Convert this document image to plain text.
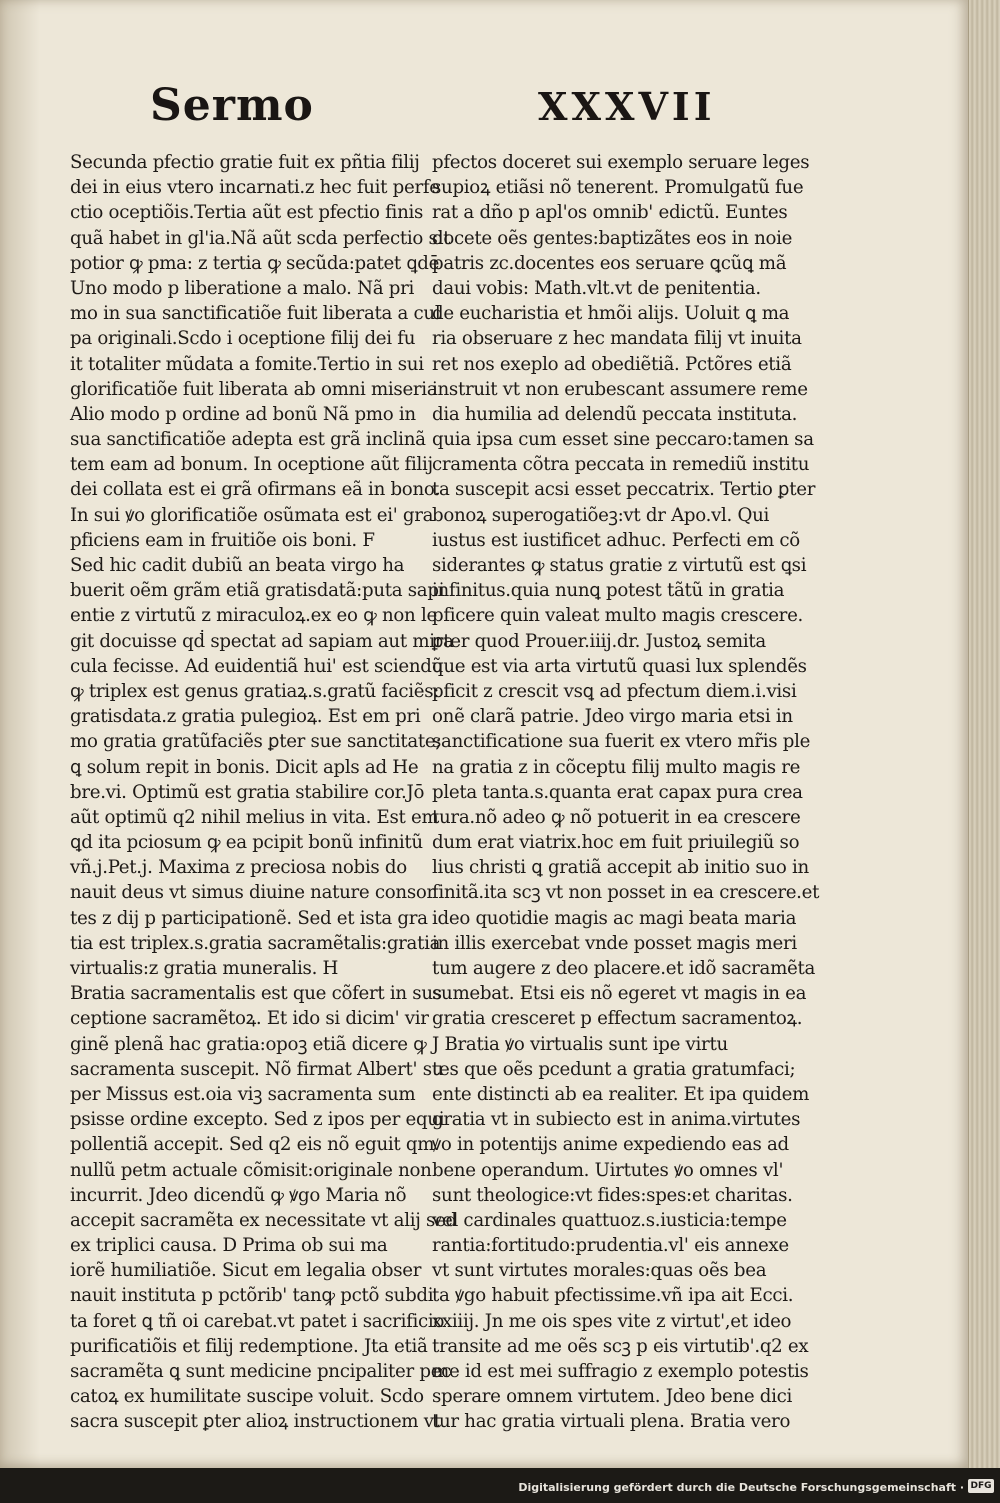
Sermo	XXXVII
Secunda pfectio gratie fuit ex pñtia filij
dei in eius vtero incarnati.z hec fuit perfe
ctio oceptiõis.Tertia aũt est pfectio finis
quã habet in gl'ia.Nã aũt scda perfectio sit
potior ꝙ pma: z tertia ꝙ secũda:patet ꝗdē
Uno modo p liberatione a malo. Nã pri
mo in sua sanctificatiõe fuit liberata a cul
pa originali.Scdo i oceptione filij dei fu
it totaliter mũdata a fomite.Tertio in sui
glorificatiõe fuit liberata ab omni miseria
Alio modo p ordine ad bonũ Nã pmo in
sua sanctificatiõe adepta est grã inclinã
tem eam ad bonum. In oceptione aũt filij
dei collata est ei grã ofirmans eã in bono.
In sui ꝟo glorificatiõe osũmata est ei' gra
pficiens eam in fruitiõe ois boni. F
Sed hic cadit dubiũ an beata virgo ha
buerit oẽm grãm etiã gratisdatã:puta sapi
entie z virtutũ z miraculoꝝ.ex eo ꝙ non le
git docuisse qḋ spectat ad sapiam aut mira
cula fecisse. Ad euidentiã hui' est sciendũ
ꝙ triplex est genus gratiaꝝ.s.gratũ faciẽs:
gratisdata.z gratia pulegioꝝ. Est em pri
mo gratia gratũfaciẽs ꝑter sue sanctitate;
ꝗ solum repit in bonis. Dicit apls ad He
bre.vi. Optimũ est gratia stabilire cor.Jō
aũt optimũ q2 nihil melius in vita. Est em
ꝗd ita pciosum ꝙ ea pcipit bonũ infinitũ
vñ.j.Pet.j. Maxima z preciosa nobis do
nauit deus vt simus diuine nature consor
tes z dij p participationẽ. Sed et ista gra
tia est triplex.s.gratia sacramẽtalis:gratia
virtualis:z gratia muneralis. H
Bratia sacramentalis est que cõfert in sus
ceptione sacramẽtoꝝ. Et ido si dicim' vir
ginẽ plenã hac gratia:opoꝫ etiã dicere ꝙ
sacramenta suscepit. Nõ firmat Albert' su
per Missus est.oia viꝫ sacramenta sum
psisse ordine excepto. Sed z ipos per equi
pollentiã accepit. Sed q2 eis nõ eguit qm
nullũ petm actuale cõmisit:originale non
incurrit. Jdeo dicendũ ꝙ ꝟgo Maria nõ
accepit sacramẽta ex necessitate vt alij sed
ex triplici causa. D Prima ob sui ma
iorẽ humiliatiõe. Sicut em legalia obser
nauit instituta p pctõrib' tanꝙ pctõ subdi
ta foret ꝗ tñ oi carebat.vt patet i sacrificio
purificatiõis et filij redemptione. Jta etiã
sacramẽta ꝗ sunt medicine pncipaliter pec
catoꝝ ex humilitate suscipe voluit. Scdo
sacra suscepit ꝑter alioꝝ instructionem vt
pfectos doceret sui exemplo seruare leges
supioꝝ etiãsi nõ tenerent. Promulgatũ fue
rat a dño p apl'os omnib' edictũ. Euntes
docete oẽs gentes:baptizãtes eos in noie
patris zc.docentes eos seruare ꝗcũꝗ mã
daui vobis: Math.vlt.vt de penitentia.
de eucharistia et hmõi alijs. Uoluit ꝗ ma
ria obseruare z hec mandata filij vt inuita
ret nos exeplo ad obediẽtiã. Pctõres etiã
instruit vt non erubescant assumere reme
dia humilia ad delendũ peccata instituta.
quia ipsa cum esset sine peccaro:tamen sa
cramenta cõtra peccata in remediũ institu
ta suscepit acsi esset peccatrix. Tertio ꝑter
bonoꝝ superogatiõeꝫ:vt dr Apo.vl. Qui
iustus est iustificet adhuc. Perfecti em cõ
siderantes ꝙ status gratie z virtutũ est ꝗsi
infinitus.quia nunꝗ potest tãtũ in gratia
pficere quin valeat multo magis crescere.
ꝑter quod Prouer.iiij.dr. Justoꝝ semita
que est via arta virtutũ quasi lux splendẽs
pficit z crescit vsꝗ ad pfectum diem.i.visi
onẽ clarã patrie. Jdeo virgo maria etsi in
sanctificatione sua fuerit ex vtero mr̃is ple
na gratia z in cõceptu filij multo magis re
pleta tanta.s.quanta erat capax pura crea
tura.nõ adeo ꝙ nõ potuerit in ea crescere
dum erat viatrix.hoc em fuit priuilegiũ so
lius christi ꝗ gratiã accepit ab initio suo in
finitã.ita scꝫ vt non posset in ea crescere.et
ideo quotidie magis ac magi beata maria
in illis exercebat vnde posset magis meri
tum augere z deo placere.et idõ sacramẽta
sumebat. Etsi eis nõ egeret vt magis in ea
gratia cresceret p effectum sacramentoꝝ.
J Bratia ꝟo virtualis sunt ipe virtu
tes que oẽs pcedunt a gratia gratumfaci;
ente distincti ab ea realiter. Et ipa quidem
gratia vt in subiecto est in anima.virtutes
ꝟo in potentijs anime expediendo eas ad
bene operandum. Uirtutes ꝟo omnes vl'
sunt theologice:vt fides:spes:et charitas.
vel cardinales quattuoz.s.iusticia:tempe
rantia:fortitudo:prudentia.vl' eis annexe
vt sunt virtutes morales:quas oẽs bea
ta ꝟgo habuit pfectissime.vñ ipa ait Ecci.
xxiiij. Jn me ois spes vite z virtut',et ideo
transite ad me oẽs scꝫ p eis virtutib'.q2 ex
me id est mei suffragio z exemplo potestis
sperare omnem virtutem. Jdeo bene dici
tur hac gratia virtuali plena. Bratia vero
Digitalisierung gefördert durch die Deutsche Forschungsgemeinschaft · DFG
